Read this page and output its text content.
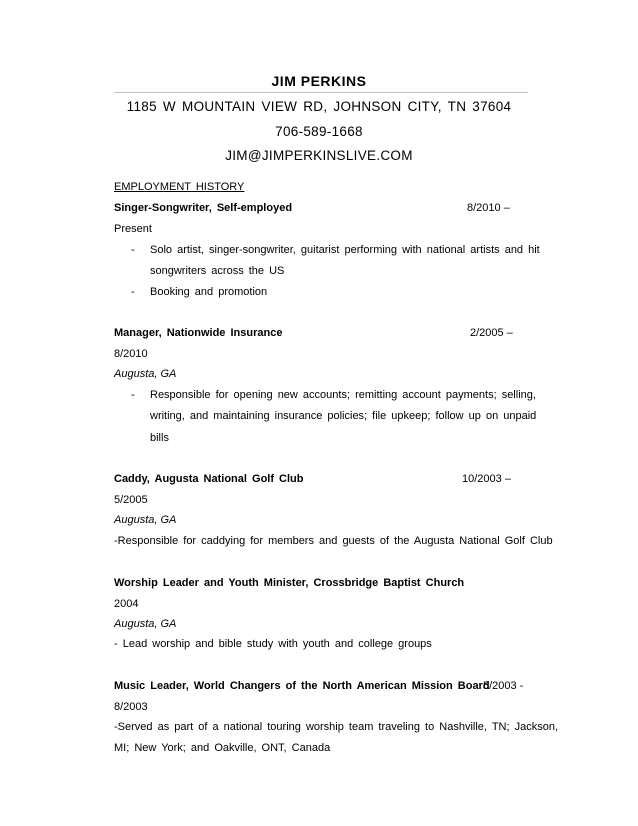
JIM PERKINS
1185 W MOUNTAIN VIEW RD, JOHNSON CITY, TN 37604
706-589-1668
JIM@JIMPERKINSLIVE.COM
EMPLOYMENT HISTORY
Singer-Songwriter, Self-employed	8/2010 –
Present
- Solo artist, singer-songwriter, guitarist performing with national artists and hit
songwriters across the US
- Booking and promotion
Manager, Nationwide Insurance	2/2005 –
8/2010
Augusta, GA
- Responsible for opening new accounts; remitting account payments; selling,
writing, and maintaining insurance policies; file upkeep; follow up on unpaid
bills
Caddy, Augusta National Golf Club	10/2003 –
5/2005
Augusta, GA
-Responsible for caddying for members and guests of the Augusta National Golf Club
Worship Leader and Youth Minister, Crossbridge Baptist Church
2004
Augusta, GA
- Lead worship and bible study with youth and college groups
Music Leader, World Changers of the North American Mission Board
5/2003 -
8/2003
-Served as part of a national touring worship team traveling to Nashville, TN; Jackson,
MI; New York; and Oakville, ONT, Canada
